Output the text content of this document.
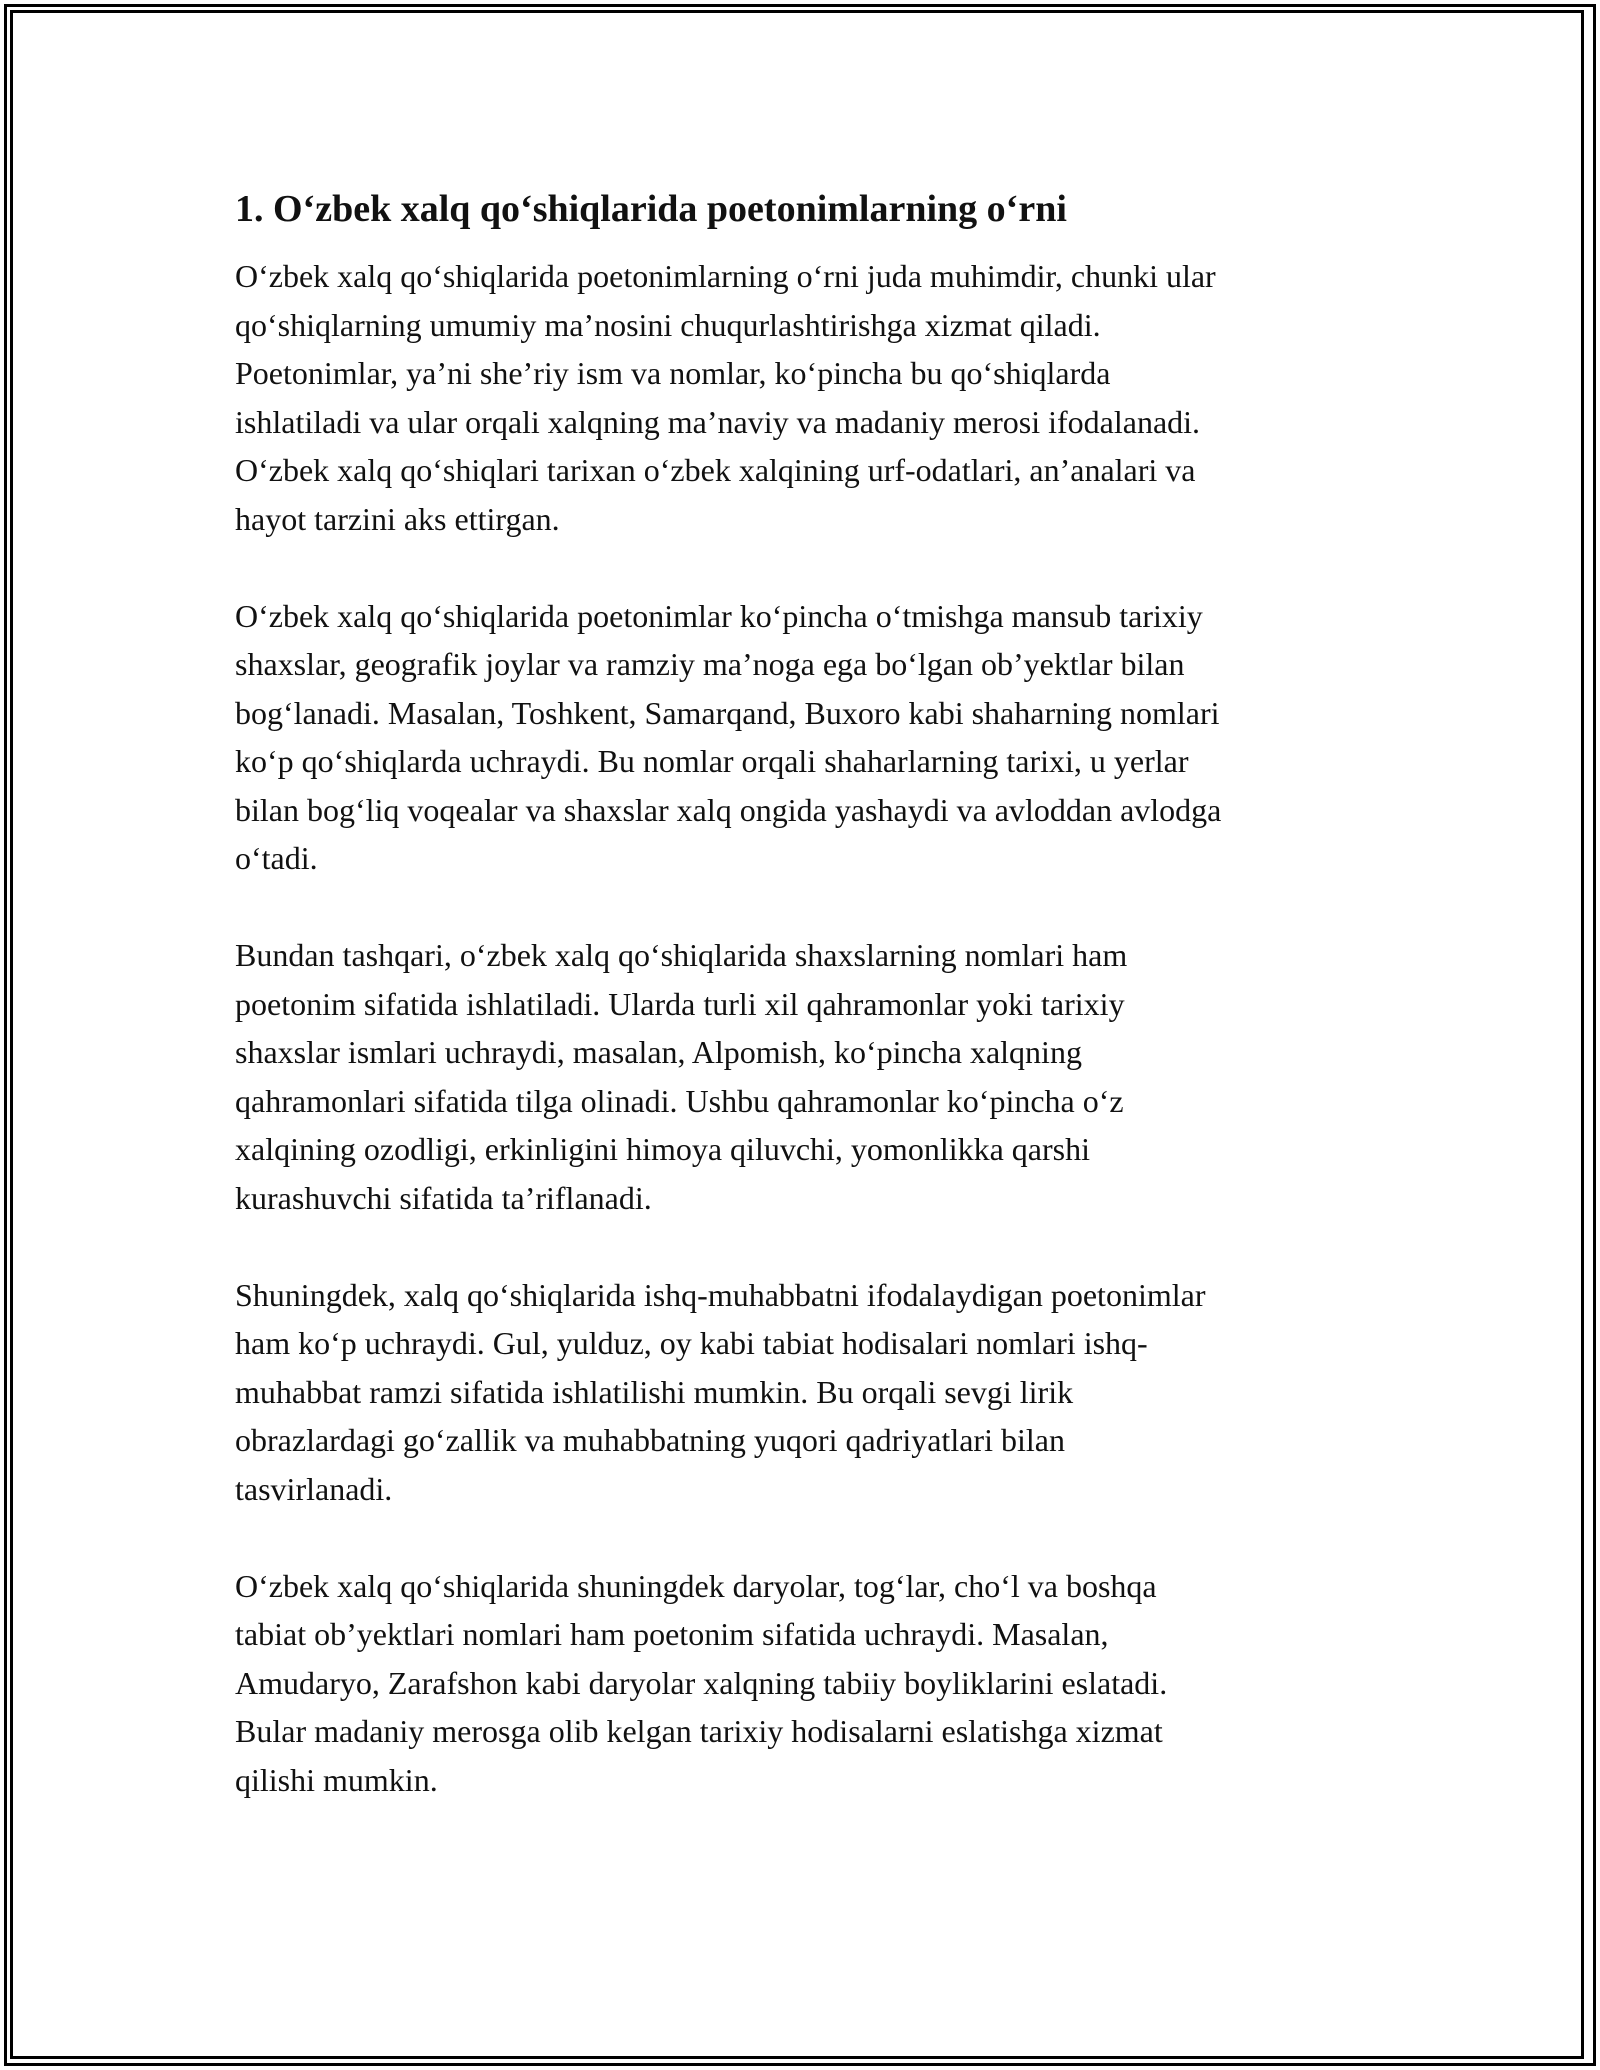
1. O‘zbek xalq qo‘shiqlarida poetonimlarning o‘rni

O‘zbek xalq qo‘shiqlarida poetonimlarning o‘rni juda muhimdir, chunki ular
qo‘shiqlarning umumiy ma’nosini chuqurlashtirishga xizmat qiladi.
Poetonimlar, ya’ni she’riy ism va nomlar, ko‘pincha bu qo‘shiqlarda
ishlatiladi va ular orqali xalqning ma’naviy va madaniy merosi ifodalanadi.
O‘zbek xalq qo‘shiqlari tarixan o‘zbek xalqining urf-odatlari, an’analari va
hayot tarzini aks ettirgan.

O‘zbek xalq qo‘shiqlarida poetonimlar ko‘pincha o‘tmishga mansub tarixiy
shaxslar, geografik joylar va ramziy ma’noga ega bo‘lgan ob’yektlar bilan
bog‘lanadi. Masalan, Toshkent, Samarqand, Buxoro kabi shaharning nomlari
ko‘p qo‘shiqlarda uchraydi. Bu nomlar orqali shaharlarning tarixi, u yerlar
bilan bog‘liq voqealar va shaxslar xalq ongida yashaydi va avloddan avlodga
o‘tadi.

Bundan tashqari, o‘zbek xalq qo‘shiqlarida shaxslarning nomlari ham
poetonim sifatida ishlatiladi. Ularda turli xil qahramonlar yoki tarixiy
shaxslar ismlari uchraydi, masalan, Alpomish, ko‘pincha xalqning
qahramonlari sifatida tilga olinadi. Ushbu qahramonlar ko‘pincha o‘z
xalqining ozodligi, erkinligini himoya qiluvchi, yomonlikka qarshi
kurashuvchi sifatida ta’riflanadi.

Shuningdek, xalq qo‘shiqlarida ishq-muhabbatni ifodalaydigan poetonimlar
ham ko‘p uchraydi. Gul, yulduz, oy kabi tabiat hodisalari nomlari ishq-
muhabbat ramzi sifatida ishlatilishi mumkin. Bu orqali sevgi lirik
obrazlardagi go‘zallik va muhabbatning yuqori qadriyatlari bilan
tasvirlanadi.

O‘zbek xalq qo‘shiqlarida shuningdek daryolar, tog‘lar, cho‘l va boshqa
tabiat ob’yektlari nomlari ham poetonim sifatida uchraydi. Masalan,
Amudaryo, Zarafshon kabi daryolar xalqning tabiiy boyliklarini eslatadi.
Bular madaniy merosga olib kelgan tarixiy hodisalarni eslatishga xizmat
qilishi mumkin.
